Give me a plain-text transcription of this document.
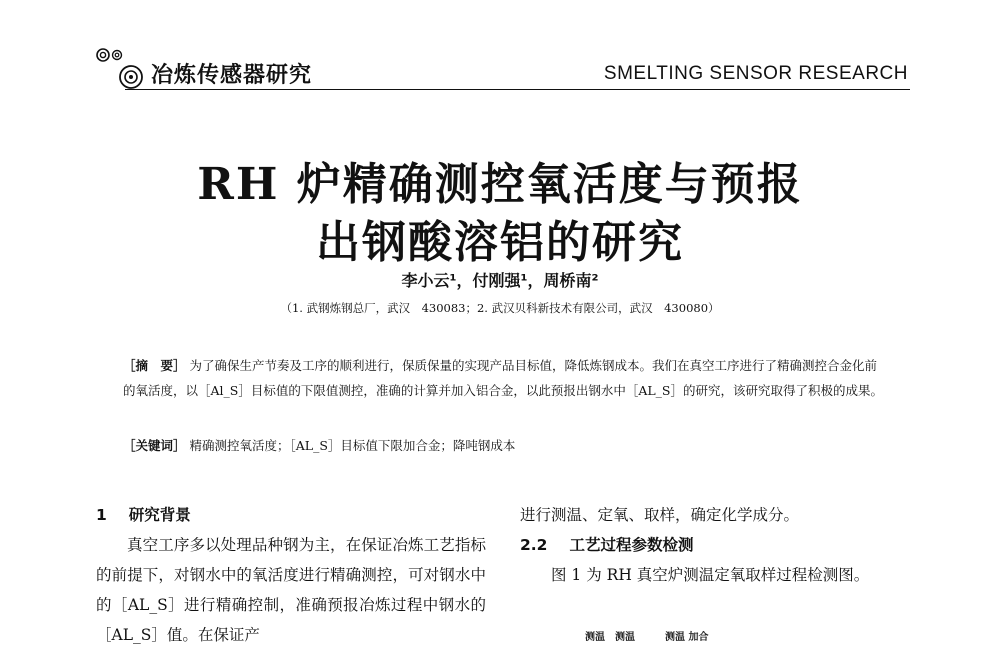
冶炼传感器研究	SMELTING SENSOR RESEARCH
RH 炉精确测控氧活度与预报
出钢酸溶铝的研究
李小云¹，付刚强¹，周桥南²
（1. 武钢炼钢总厂，武汉　430083；2. 武汉贝科新技术有限公司，武汉　430080）
［摘　要］ 为了确保生产节奏及工序的顺利进行，保质保量的实现产品目标值，降低炼钢成本。我们在真空工序进行了精确测控合金化前的氧活度，以［Al_S］目标值的下限值测控，准确的计算并加入铝合金，以此预报出钢水中［AL_S］的研究，该研究取得了积极的成果。
［关键词］ 精确测控氧活度；［AL_S］目标值下限加合金；降吨钢成本
1 研究背景
真空工序多以处理品种钢为主，在保证冶炼工艺指标的前提下，对钢水中的氧活度进行精确测控，可对钢水中的［AL_S］进行精确控制，准确预报冶炼过程中钢水的［AL_S］值。在保证产
进行测温、定氧、取样，确定化学成分。
2.2 工艺过程参数检测
图 1 为 RH 真空炉测温定氧取样过程检测图。
测温　测温　　　测温 加合
